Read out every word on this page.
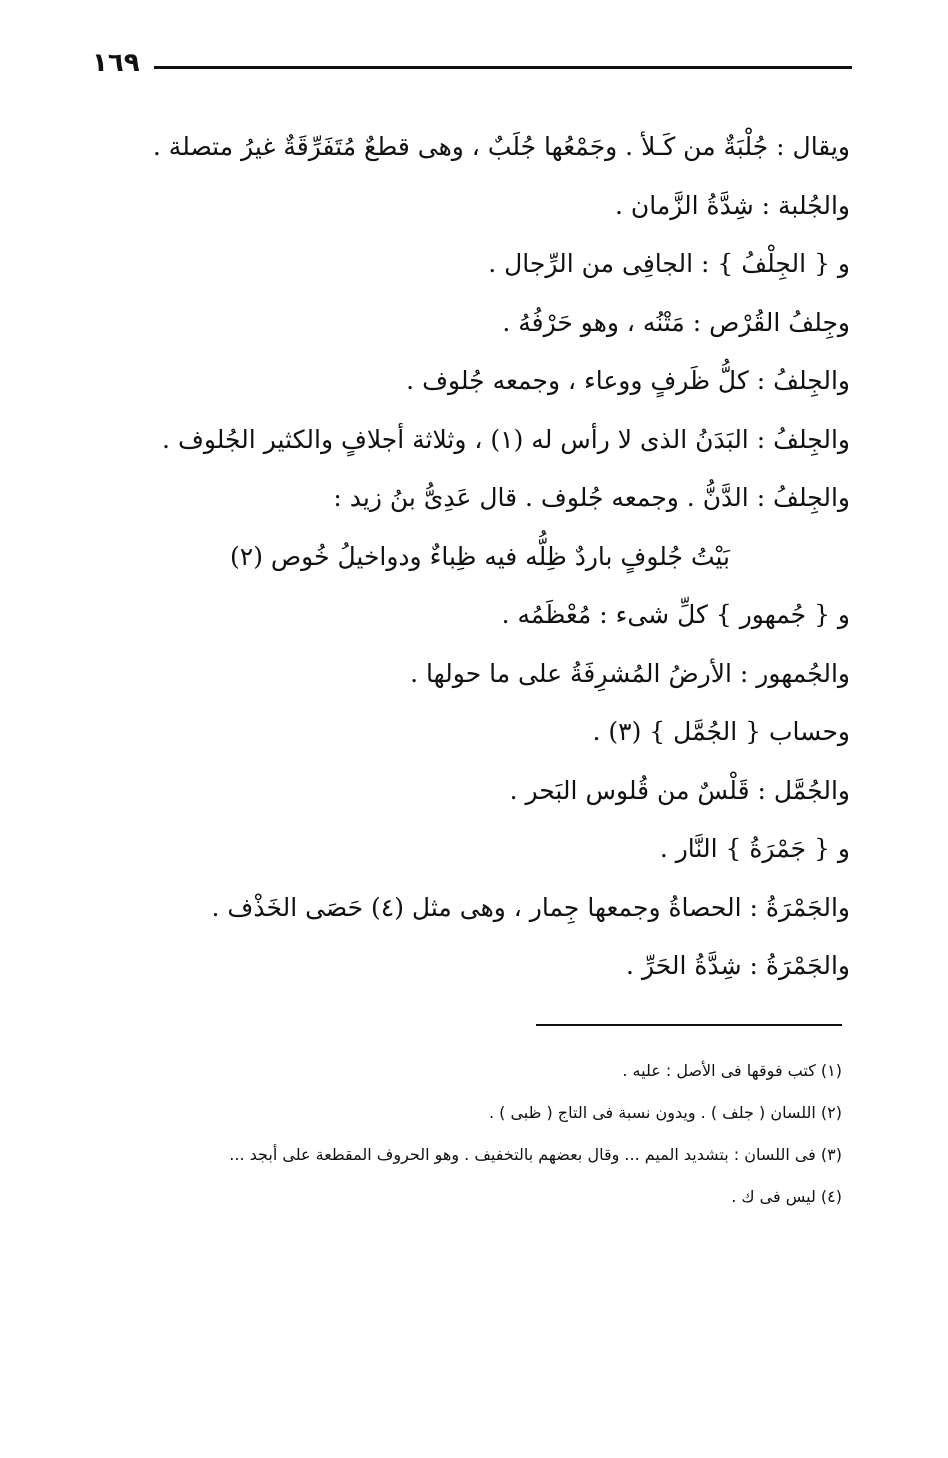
١٦٩
ويقال : جُلْبَةٌ من كَـلأ . وجَمْعُها جُلَبٌ ، وهى قطعٌ مُتَفَرِّقَةٌ غيرُ متصلة .
والجُلبة : شِدَّةُ الزَّمان .
و { الجِلْفُ } : الجافِى من الرِّجال .
وجِلفُ القُرْص : مَتْنُه ، وهو حَرْفُهُ .
والجِلفُ : كلُّ ظَرفٍ ووعاء ، وجمعه جُلوف .
والجِلفُ : البَدَنُ الذى لا رأس له (١) ، وثلاثة أجلافٍ والكثير الجُلوف .
والجِلفُ : الدَّنُّ . وجمعه جُلوف . قال عَدِىُّ بنُ زيد :
بَيْتُ جُلوفٍ باردٌ ظِلُّه فيه ظِباءٌ ودواخيلُ خُوص (٢)
و { جُمهور } كلِّ شىء : مُعْظَمُه .
والجُمهور : الأرضُ المُشرِفَةُ على ما حولها .
وحساب { الجُمَّل } (٣) .
والجُمَّل : قَلْسٌ من قُلوس البَحر .
و { جَمْرَةُ } النَّار .
والجَمْرَةُ : الحصاةُ وجمعها جِمار ، وهى مثل (٤) حَصَى الخَذْف .
والجَمْرَةُ : شِدَّةُ الحَرِّ .
(١) كتب فوقها فى الأصل : عليه .
(٢) اللسان ( جلف ) . ويدون نسبة فى التاج ( ظبى ) .
(٣) فى اللسان : بتشديد الميم ... وقال بعضهم بالتخفيف . وهو الحروف المقطعة على أبجد ...
(٤) ليس فى ك .
